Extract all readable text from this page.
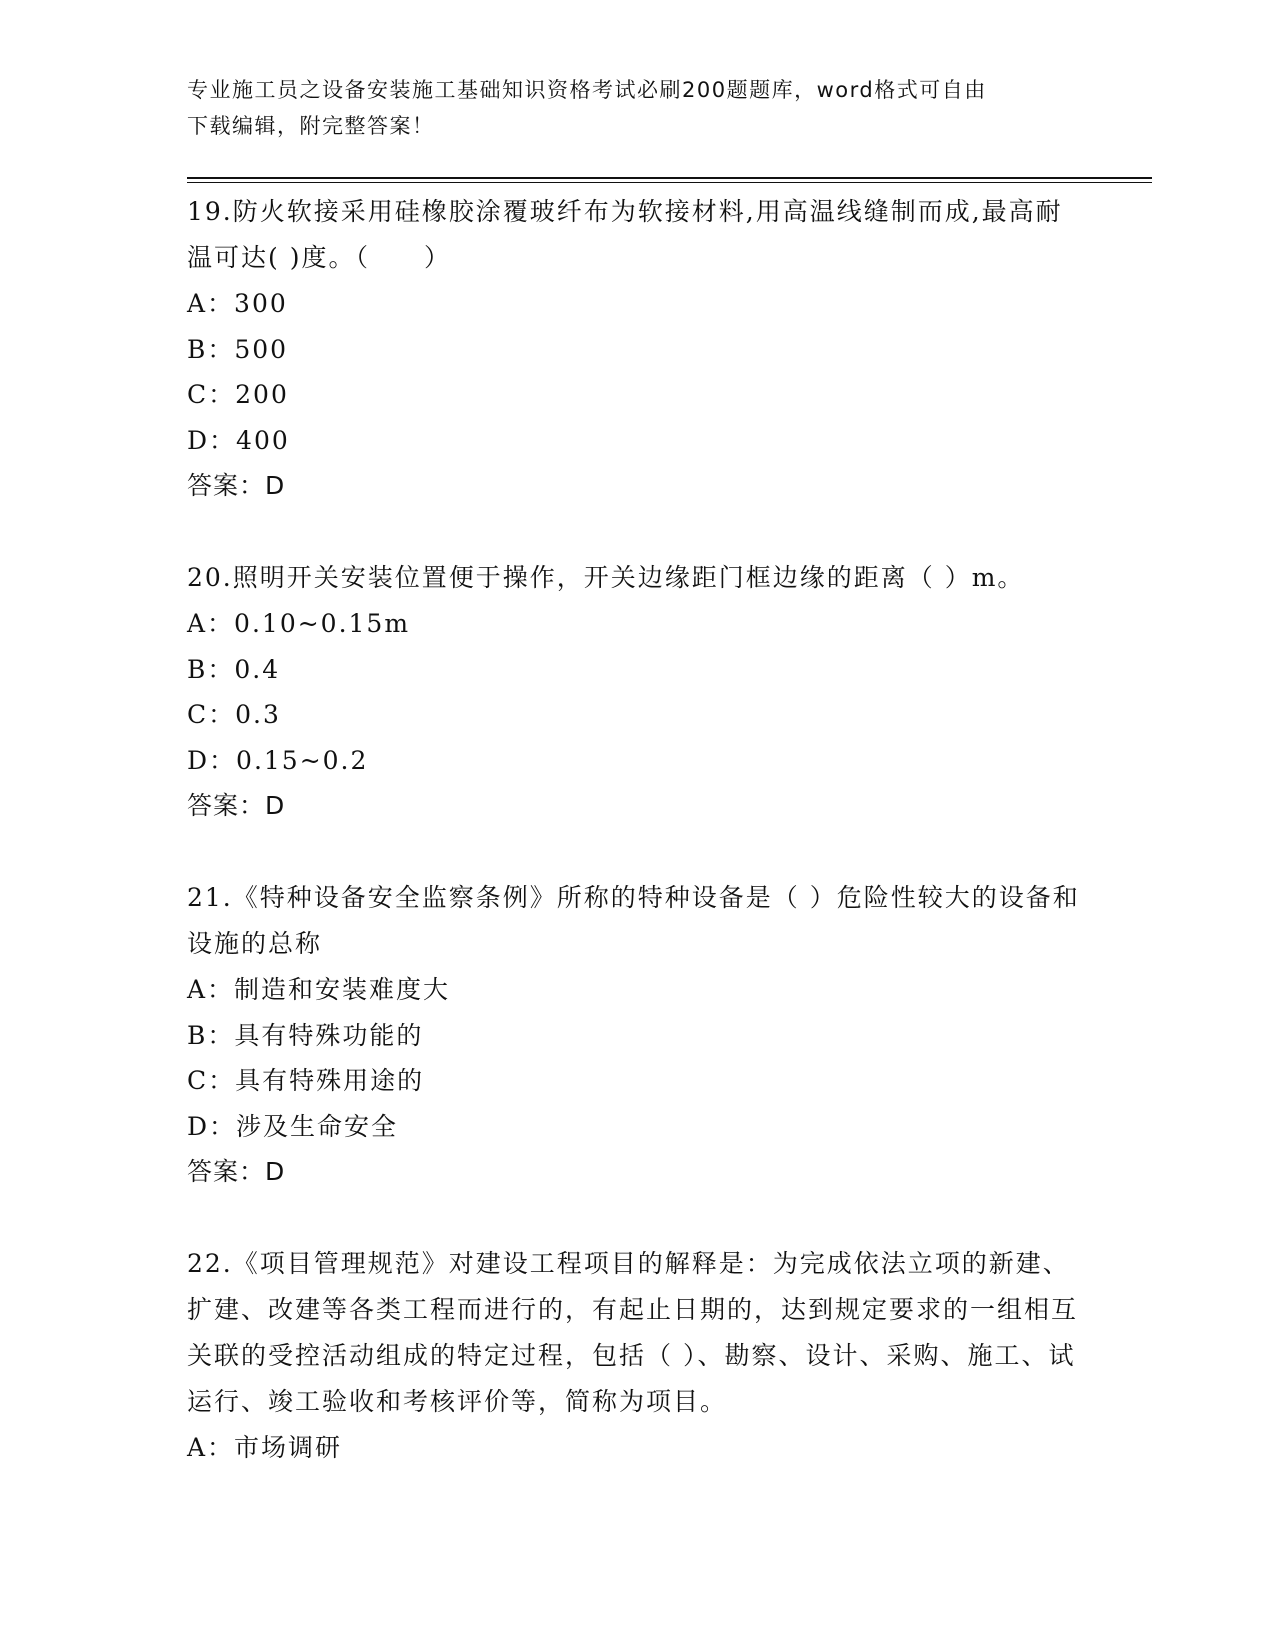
专业施工员之设备安装施工基础知识资格考试必刷200题题库，word格式可自由
下载编辑，附完整答案！

19.防火软接采用硅橡胶涂覆玻纤布为软接材料,用高温线缝制而成,最高耐温可达( )度。（　　）

A：300

B：500

C：200

D：400

答案：D

20.照明开关安装位置便于操作，开关边缘距门框边缘的距离（ ）m。

A：0.10~0.15m

B：0.4

C：0.3

D：0.15~0.2

答案：D

21.《特种设备安全监察条例》所称的特种设备是（ ）危险性较大的设备和设施的总称

A：制造和安装难度大

B：具有特殊功能的

C：具有特殊用途的

D：涉及生命安全

答案：D

22.《项目管理规范》对建设工程项目的解释是：为完成依法立项的新建、扩建、改建等各类工程而进行的，有起止日期的，达到规定要求的一组相互关联的受控活动组成的特定过程，包括（ ）、勘察、设计、采购、施工、试运行、竣工验收和考核评价等，简称为项目。

A：市场调研
